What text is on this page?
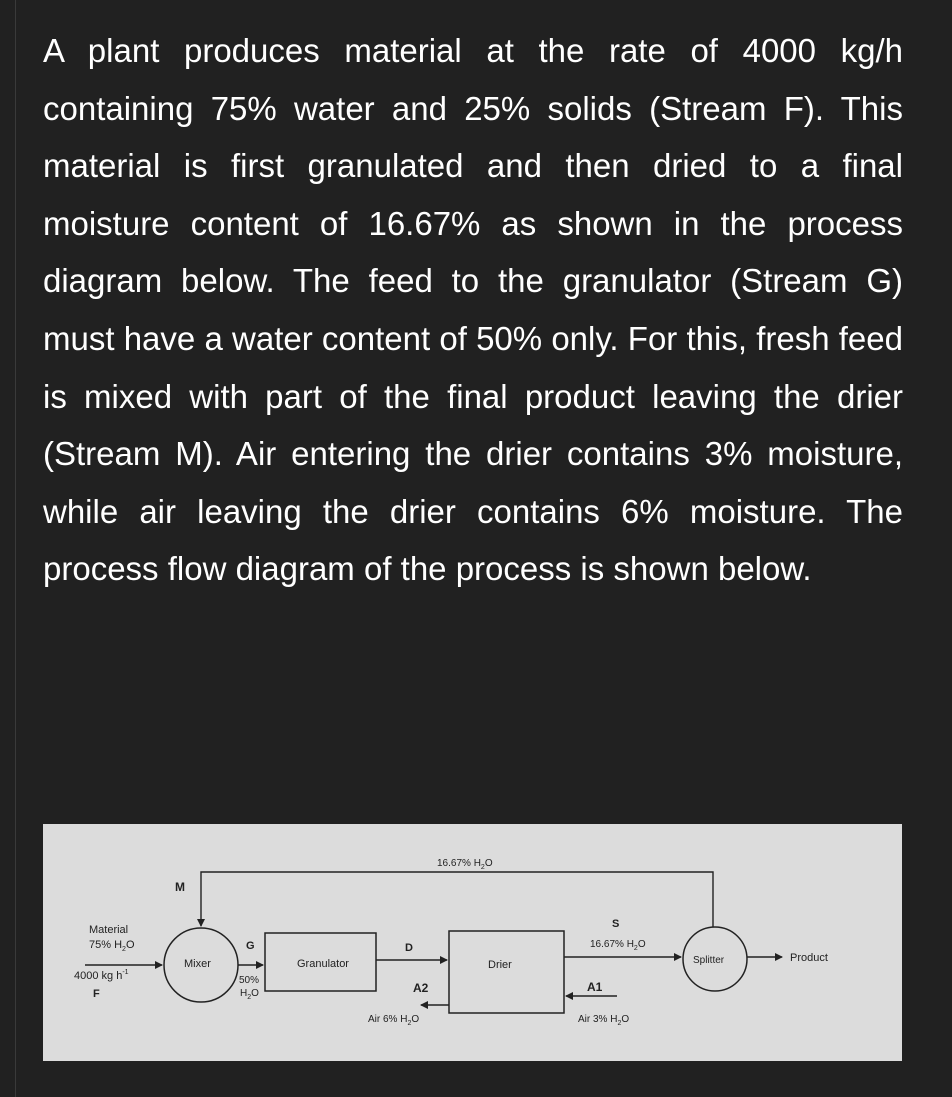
A plant produces material at the rate of 4000 kg/h containing 75% water and 25% solids (Stream F). This material is first granulated and then dried to a final moisture content of 16.67% as shown in the process diagram below. The feed to the granulator (Stream G) must have a water content of 50% only. For this, fresh feed is mixed with part of the final product leaving the drier (Stream M). Air entering the drier contains 3% moisture, while air leaving the drier contains 6% moisture. The process flow diagram of the process is shown below.

Material
75% $H_2O$
4000 kg $h^{-1}$
F
Mixer
M
G
50%
$H_2O$
Granulator
D
A2
Air 6% $H_2O$
Drier
16.67% $H_2O$
S
16.67% $H_2O$
A1
Air 3% $H_2O$
Splitter	Product
